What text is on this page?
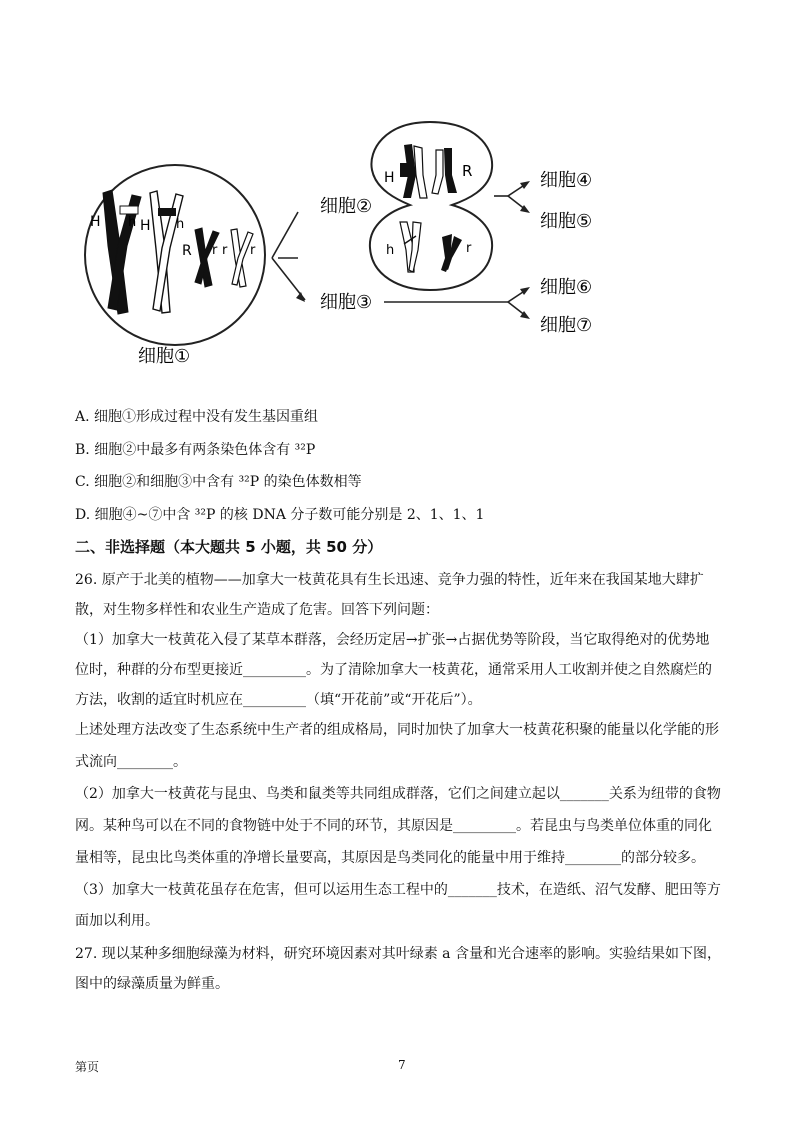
H h H h
R r r r
细胞①
细胞②
细胞③
H	R
h	r
细胞④
细胞⑤
细胞⑥
细胞⑦
A. 细胞①形成过程中没有发生基因重组
B. 细胞②中最多有两条染色体含有 ³²P
C. 细胞②和细胞③中含有 ³²P 的染色体数相等
D. 细胞④~⑦中含 ³²P 的核 DNA 分子数可能分别是 2、1、1、1
二、非选择题（本大题共 5 小题，共 50 分）
26. 原产于北美的植物——加拿大一枝黄花具有生长迅速、竞争力强的特性，近年来在我国某地大肆扩
散，对生物多样性和农业生产造成了危害。回答下列问题：
（1）加拿大一枝黄花入侵了某草本群落，会经历定居→扩张→占据优势等阶段，当它取得绝对的优势地
位时，种群的分布型更接近_________。为了清除加拿大一枝黄花，通常采用人工收割并使之自然腐烂的
方法，收割的适宜时机应在_________（填“开花前”或“开花后”）。
上述处理方法改变了生态系统中生产者的组成格局，同时加快了加拿大一枝黄花积聚的能量以化学能的形
式流向________。
（2）加拿大一枝黄花与昆虫、鸟类和鼠类等共同组成群落，它们之间建立起以_______关系为纽带的食物
网。某种鸟可以在不同的食物链中处于不同的环节，其原因是_________。若昆虫与鸟类单位体重的同化
量相等，昆虫比鸟类体重的净增长量要高，其原因是鸟类同化的能量中用于维持________的部分较多。
（3）加拿大一枝黄花虽存在危害，但可以运用生态工程中的_______技术，在造纸、沼气发酵、肥田等方
面加以利用。
27. 现以某种多细胞绿藻为材料，研究环境因素对其叶绿素 a 含量和光合速率的影响。实验结果如下图，
图中的绿藻质量为鲜重。
第页	7
